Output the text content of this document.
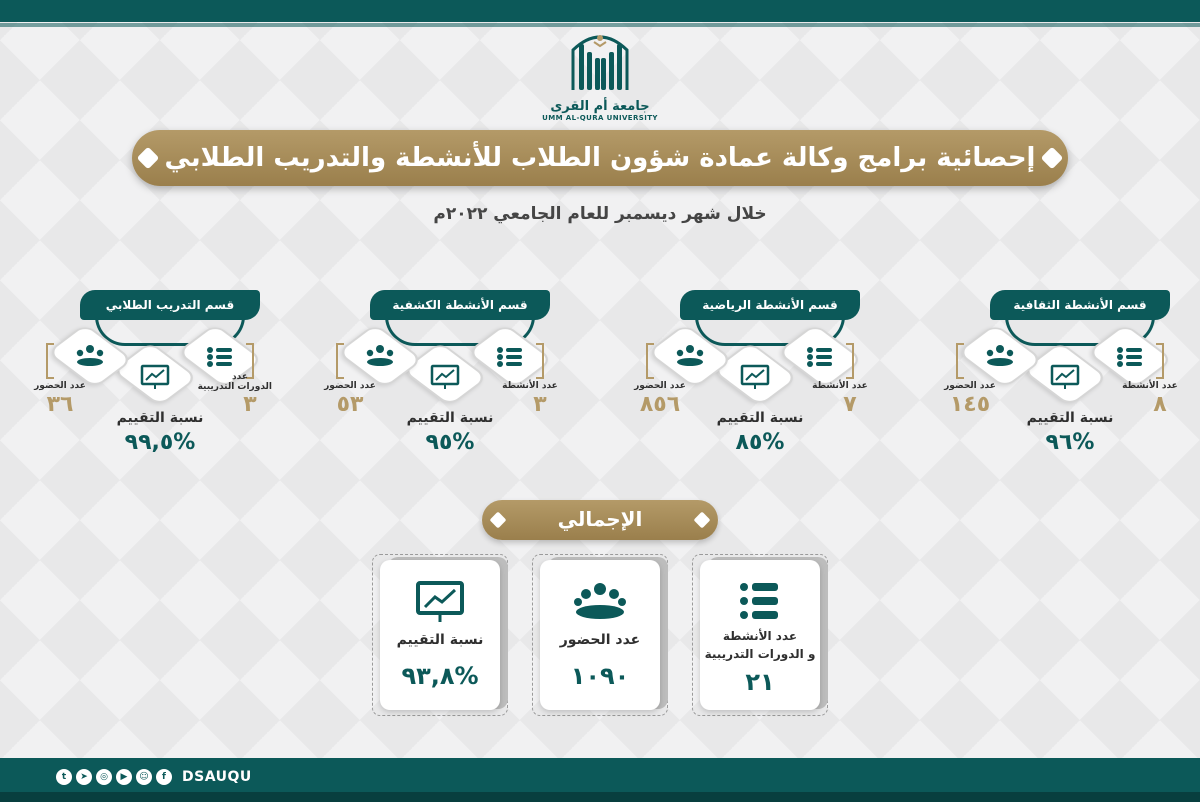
جامعة أم القرى
UMM AL-QURA UNIVERSITY
إحصائية برامج وكالة عمادة شؤون الطلاب للأنشطة والتدريب الطلابي
خلال شهر ديسمبر للعام الجامعي ٢٠٢٢م
قسم الأنشطة الثقافية
عدد الأنشطة
عدد الحضور
٨
١٤٥
نسبة التقييم
%٩٦
قسم الأنشطة الرياضية
عدد الأنشطة
عدد الحضور
٧
٨٥٦
نسبة التقييم
%٨٥
قسم الأنشطة الكشفية
عدد الأنشطة
عدد الحضور
٣
٥٣
نسبة التقييم
%٩٥
قسم التدريب الطلابي
عدد
الدورات التدريبية
عدد الحضور
٣
٣٦
نسبة التقييم
%٩٩,٥
الإجمالي
نسبة التقييم
%٩٣,٨
عدد الحضور
١٠٩٠
عدد الأنشطة
و الدورات التدريبية
٢١
t	➤	◎	▶	☺	f	DSAUQU
